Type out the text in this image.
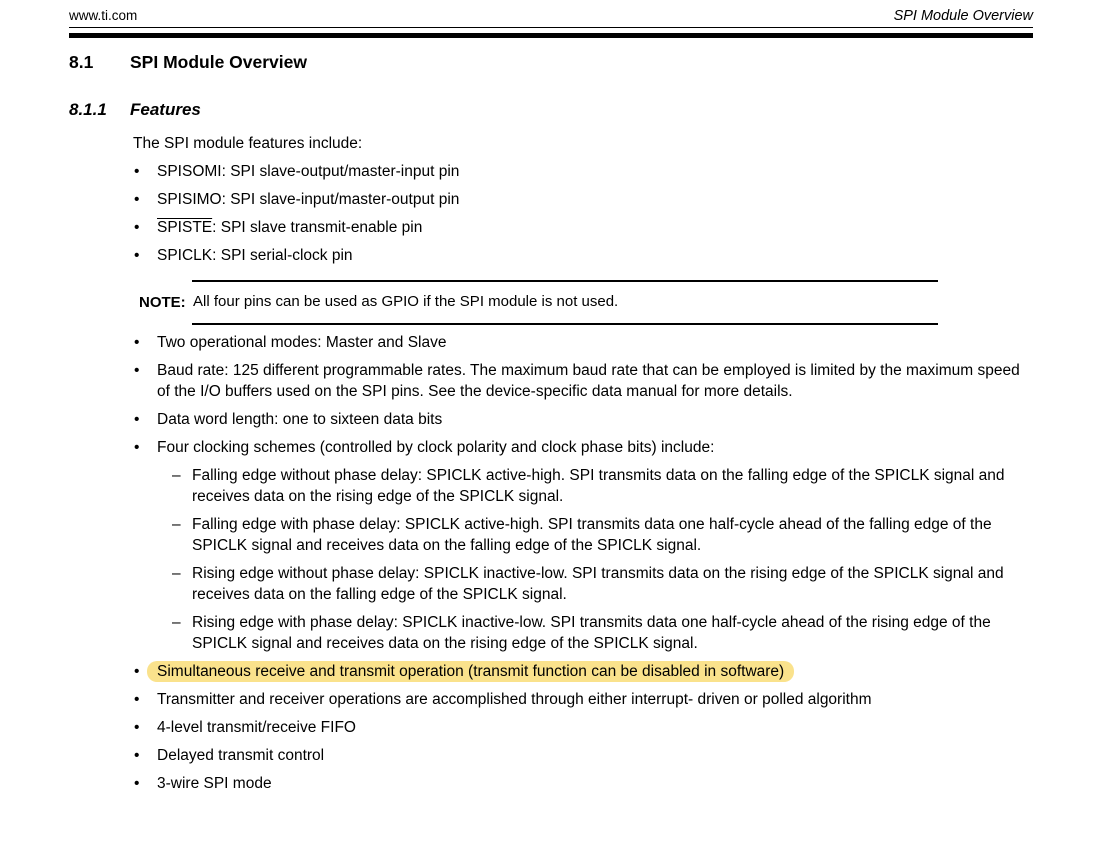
www.ti.com	SPI Module Overview
8.1	SPI Module Overview
8.1.1	Features
The SPI module features include:
• SPISOMI: SPI slave-output/master-input pin
• SPISIMO: SPI slave-input/master-output pin
• SPISTE: SPI slave transmit-enable pin
• SPICLK: SPI serial-clock pin
NOTE: All four pins can be used as GPIO if the SPI module is not used.
• Two operational modes: Master and Slave
• Baud rate: 125 different programmable rates. The maximum baud rate that can be employed is limited by the maximum speed of the I/O buffers used on the SPI pins. See the device-specific data manual for more details.
• Data word length: one to sixteen data bits
• Four clocking schemes (controlled by clock polarity and clock phase bits) include:
– Falling edge without phase delay: SPICLK active-high. SPI transmits data on the falling edge of the SPICLK signal and receives data on the rising edge of the SPICLK signal.
– Falling edge with phase delay: SPICLK active-high. SPI transmits data one half-cycle ahead of the falling edge of the SPICLK signal and receives data on the falling edge of the SPICLK signal.
– Rising edge without phase delay: SPICLK inactive-low. SPI transmits data on the rising edge of the SPICLK signal and receives data on the falling edge of the SPICLK signal.
– Rising edge with phase delay: SPICLK inactive-low. SPI transmits data one half-cycle ahead of the rising edge of the SPICLK signal and receives data on the rising edge of the SPICLK signal.
• Simultaneous receive and transmit operation (transmit function can be disabled in software)
• Transmitter and receiver operations are accomplished through either interrupt- driven or polled algorithm
• 4-level transmit/receive FIFO
• Delayed transmit control
• 3-wire SPI mode
